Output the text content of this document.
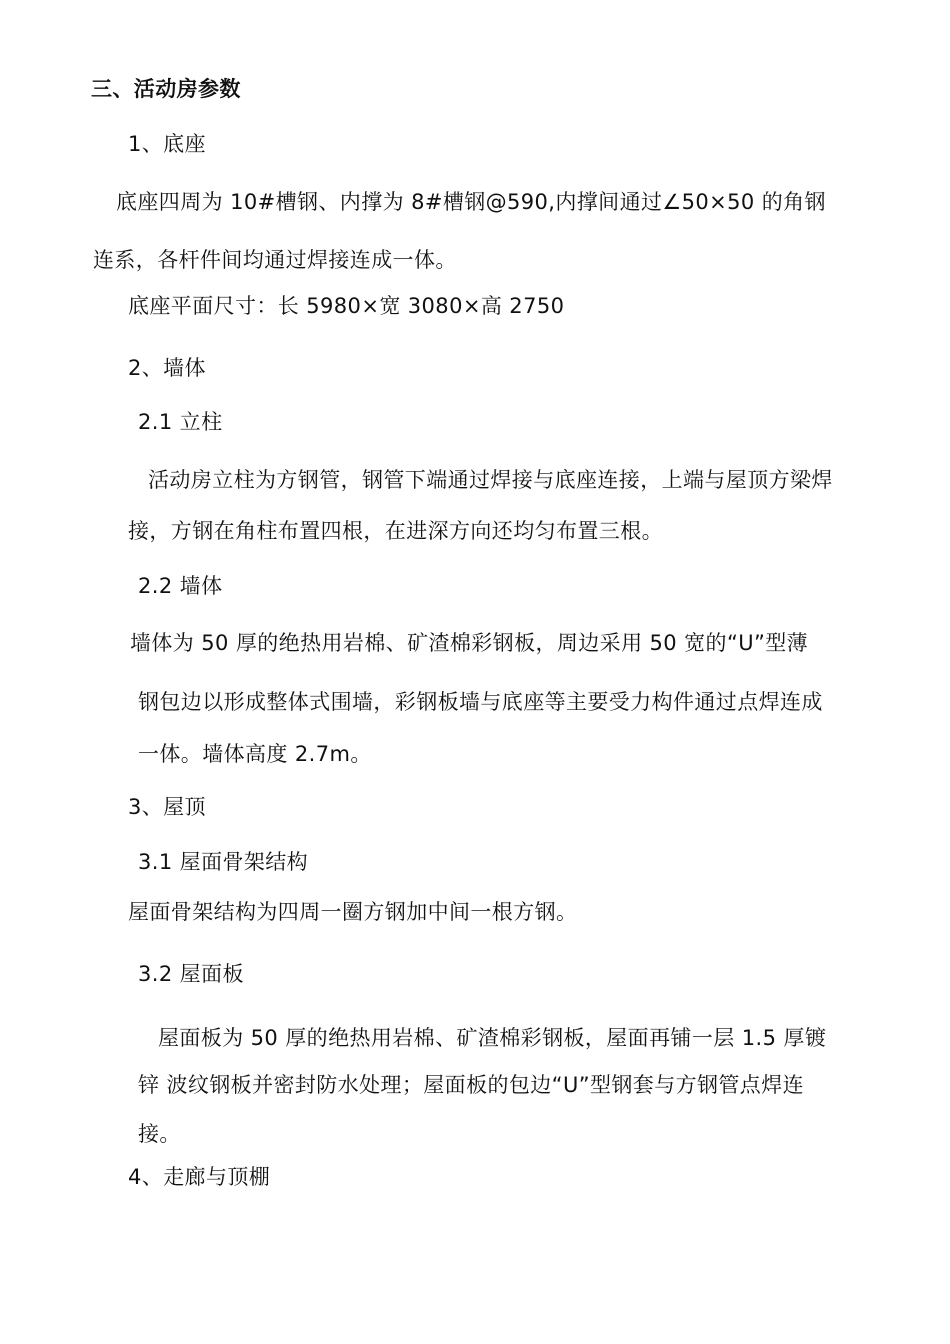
三、活动房参数
1、底座
底座四周为 10#槽钢、内撑为 8#槽钢@590,内撑间通过∠50×50 的角钢
连系，各杆件间均通过焊接连成一体。
底座平面尺寸：长 5980×宽 3080×高 2750
2、墙体
2.1 立柱
活动房立柱为方钢管，钢管下端通过焊接与底座连接，上端与屋顶方梁焊
接，方钢在角柱布置四根，在进深方向还均匀布置三根。
2.2 墙体
墙体为 50 厚的绝热用岩棉、矿渣棉彩钢板，周边采用 50 宽的“U”型薄
钢包边以形成整体式围墙，彩钢板墙与底座等主要受力构件通过点焊连成
一体。墙体高度 2.7m。
3、屋顶
3.1 屋面骨架结构
屋面骨架结构为四周一圈方钢加中间一根方钢。
3.2 屋面板
屋面板为 50 厚的绝热用岩棉、矿渣棉彩钢板，屋面再铺一层 1.5 厚镀
锌 波纹钢板并密封防水处理；屋面板的包边“U”型钢套与方钢管点焊连
接。
4、走廊与顶棚
